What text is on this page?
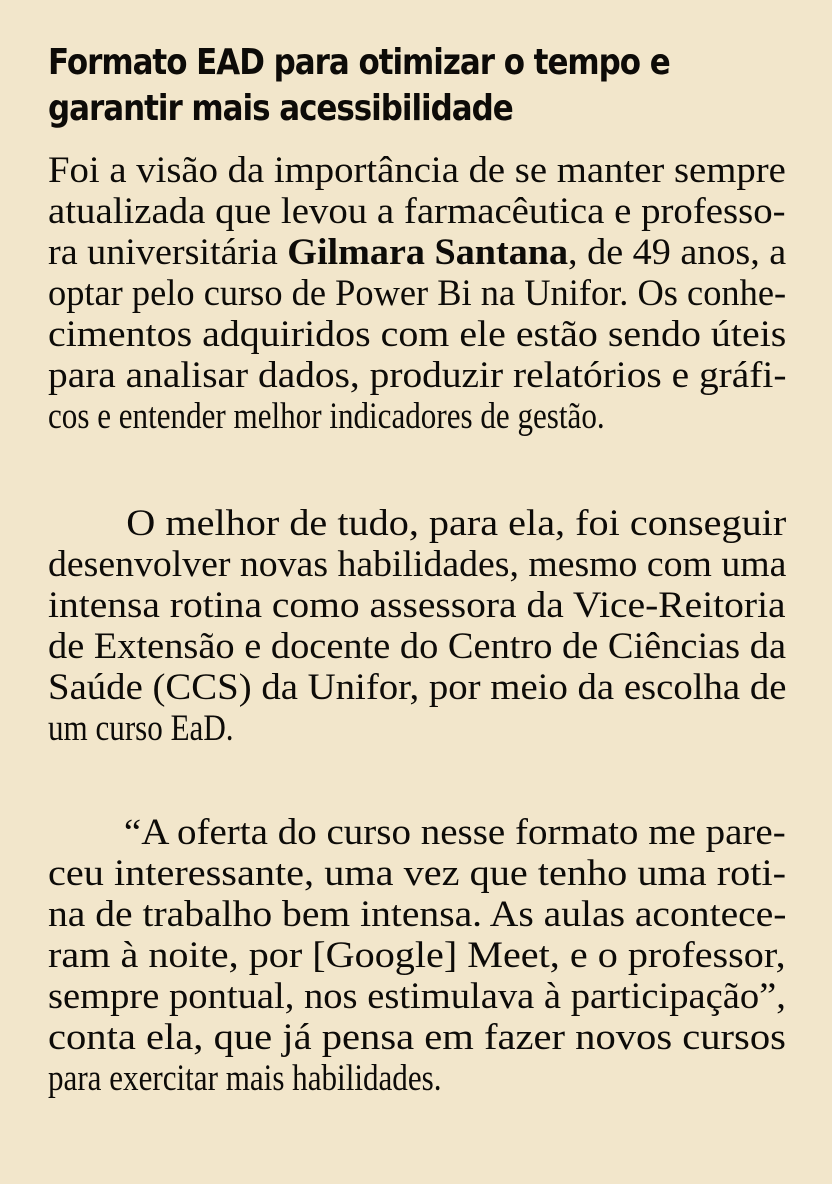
Formato EAD para otimizar o tempo e
garantir mais acessibilidade

Foi a visão da importância de se manter sempre
atualizada que levou a farmacêutica e professo-
ra universitária Gilmara Santana, de 49 anos, a
optar pelo curso de Power Bi na Unifor. Os conhe-
cimentos adquiridos com ele estão sendo úteis
para analisar dados, produzir relatórios e gráfi-
cos e entender melhor indicadores de gestão.

O melhor de tudo, para ela, foi conseguir
desenvolver novas habilidades, mesmo com uma
intensa rotina como assessora da Vice-Reitoria
de Extensão e docente do Centro de Ciências da
Saúde (CCS) da Unifor, por meio da escolha de
um curso EaD.

“A oferta do curso nesse formato me pare-
ceu interessante, uma vez que tenho uma roti-
na de trabalho bem intensa. As aulas acontece-
ram à noite, por [Google] Meet, e o professor,
sempre pontual, nos estimulava à participação”,
conta ela, que já pensa em fazer novos cursos
para exercitar mais habilidades.
